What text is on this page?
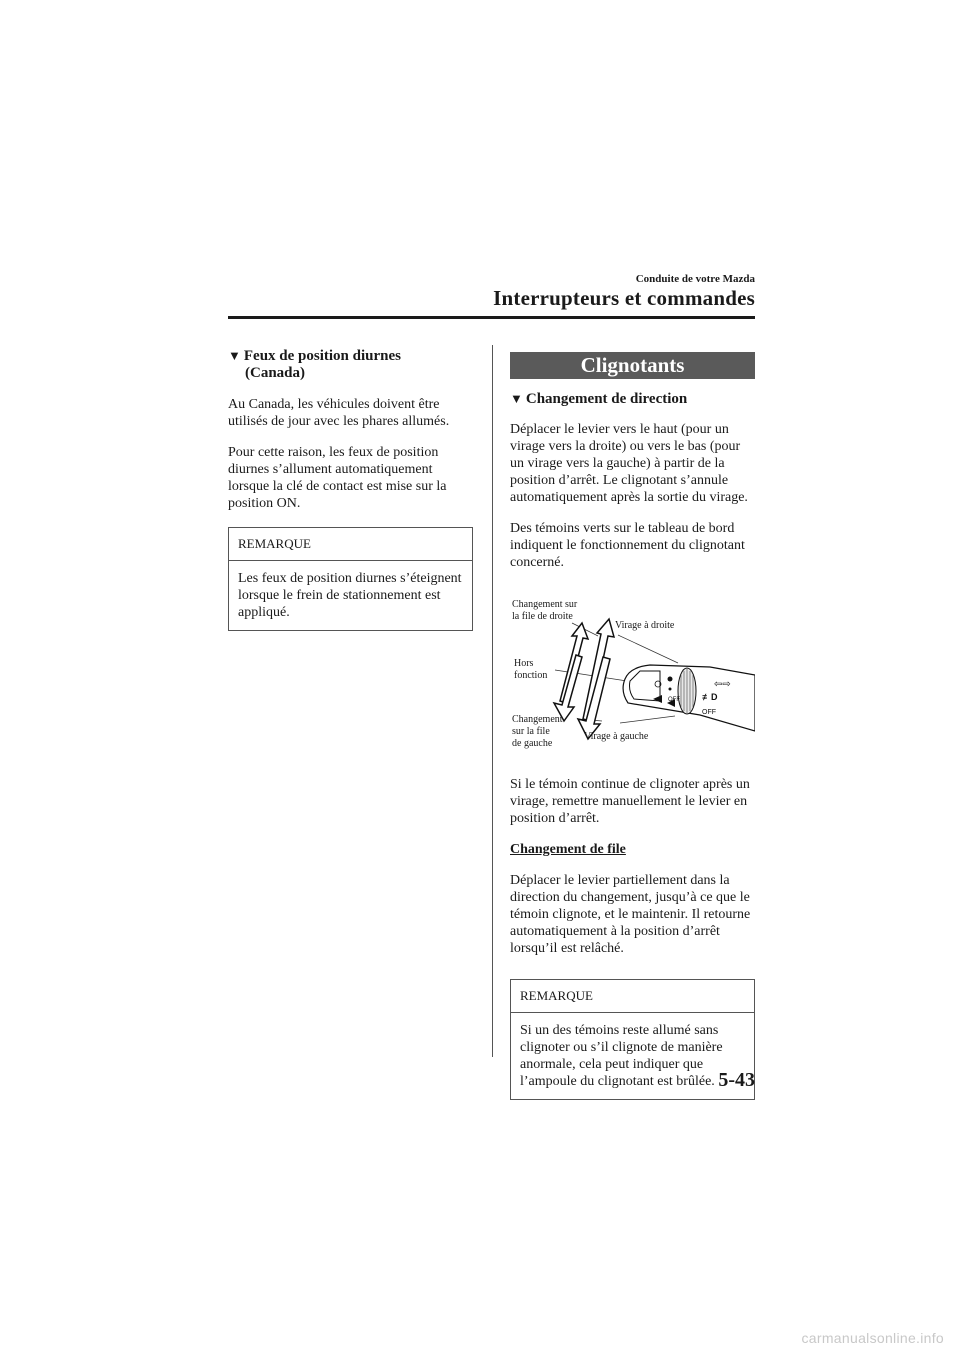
Conduite de votre Mazda
Interrupteurs et commandes
▼ Feux de position diurnes
(Canada)

Au Canada, les véhicules doivent être utilisés de jour avec les phares allumés.

Pour cette raison, les feux de position diurnes s’allument automatiquement lorsque la clé de contact est mise sur la position ON.

REMARQUE
Les feux de position diurnes s’éteignent lorsque le frein de stationnement est appliqué.
Clignotants
▼ Changement de direction

Déplacer le levier vers le haut (pour un virage vers la droite) ou vers le bas (pour un virage vers la gauche) à partir de la position d’arrêt. Le clignotant s’annule automatiquement après la sortie du virage.

Des témoins verts sur le tableau de bord indiquent le fonctionnement du clignotant concerné.

OFF ≢D
⇦⇨
OFF
Changement sur
la file de droite
Virage à droite
Hors
fonction
Changement
sur la file
de gauche
Virage à gauche

Si le témoin continue de clignoter après un virage, remettre manuellement le levier en position d’arrêt.

Changement de file

Déplacer le levier partiellement dans la direction du changement, jusqu’à ce que le témoin clignote, et le maintenir. Il retourne automatiquement à la position d’arrêt lorsqu’il est relâché.

REMARQUE
Si un des témoins reste allumé sans clignoter ou s’il clignote de manière anormale, cela peut indiquer que l’ampoule du clignotant est brûlée. 5-43
carmanualsonline.info
